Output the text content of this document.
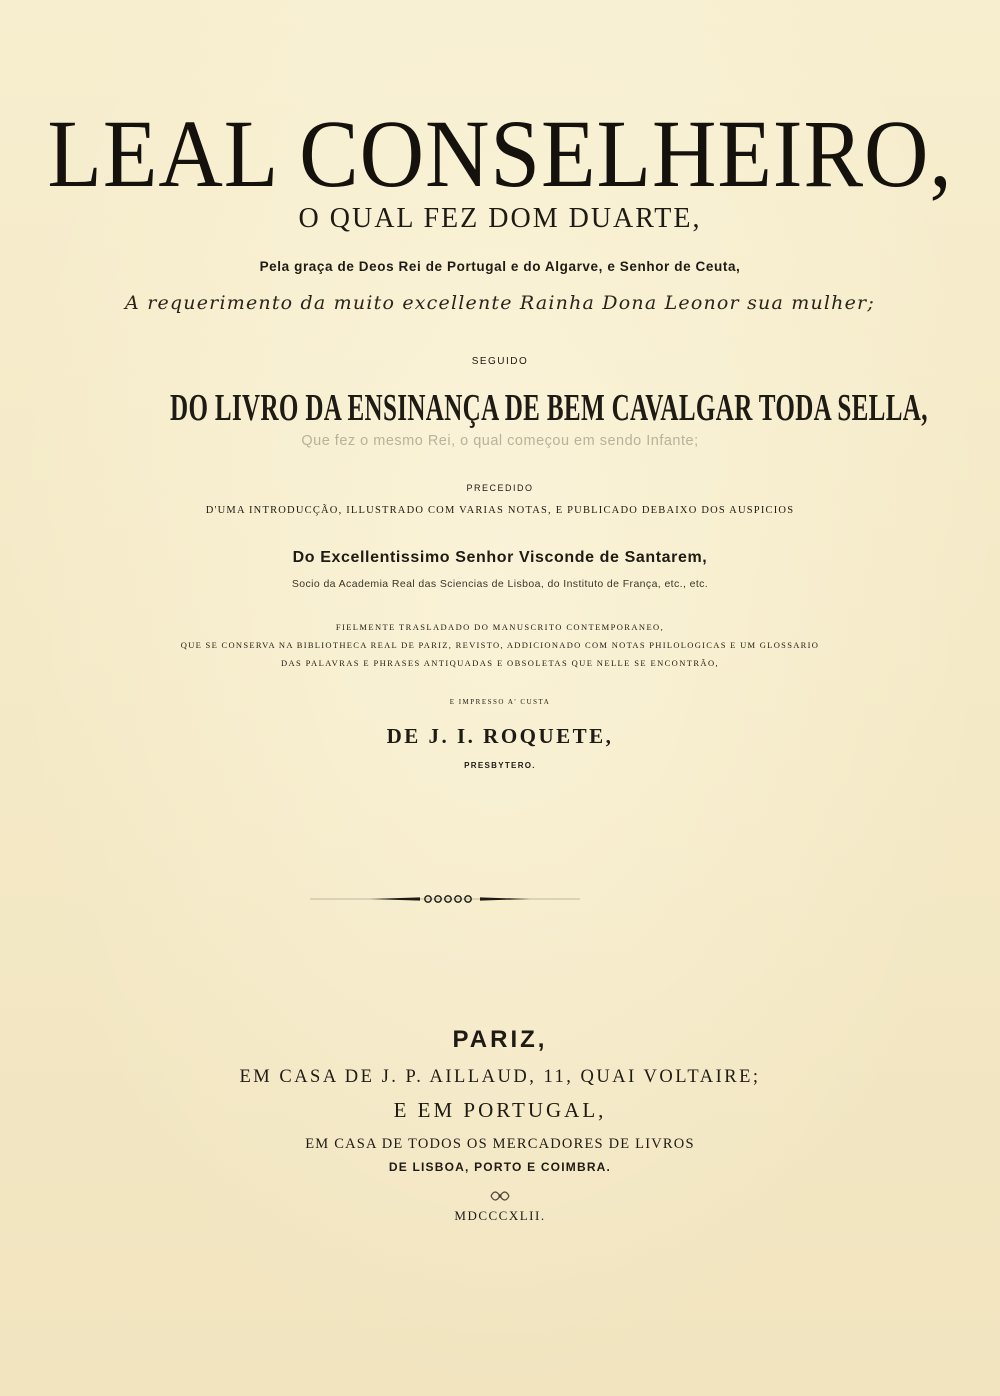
LEAL CONSELHEIRO,

O QUAL FEZ DOM DUARTE,

Pela graça de Deos Rei de Portugal e do Algarve, e Senhor de Ceuta,

A requerimento da muito excellente Rainha Dona Leonor sua mulher;

SEGUIDO

DO LIVRO DA ENSINANÇA DE BEM CAVALGAR TODA SELLA,

Que fez o mesmo Rei, o qual começou em sendo Infante;

PRECEDIDO

D'UMA INTRODUCÇÃO, ILLUSTRADO COM VARIAS NOTAS, E PUBLICADO DEBAIXO DOS AUSPICIOS

Do Excellentissimo Senhor Visconde de Santarem,

Socio da Academia Real das Sciencias de Lisboa, do Instituto de França, etc., etc.

FIELMENTE TRASLADADO DO MANUSCRITO CONTEMPORANEO,

QUE SE CONSERVA NA BIBLIOTHECA REAL DE PARIZ, REVISTO, ADDICIONADO COM NOTAS PHILOLOGICAS E UM GLOSSARIO

DAS PALAVRAS E PHRASES ANTIQUADAS E OBSOLETAS QUE NELLE SE ENCONTRÃO,

E IMPRESSO A' CUSTA

DE J. I. ROQUETE,

PRESBYTERO.

PARIZ,

EM CASA DE J. P. AILLAUD, 11, QUAI VOLTAIRE;

E EM PORTUGAL,

EM CASA DE TODOS OS MERCADORES DE LIVROS

DE LISBOA, PORTO E COIMBRA.

MDCCCXLII.
